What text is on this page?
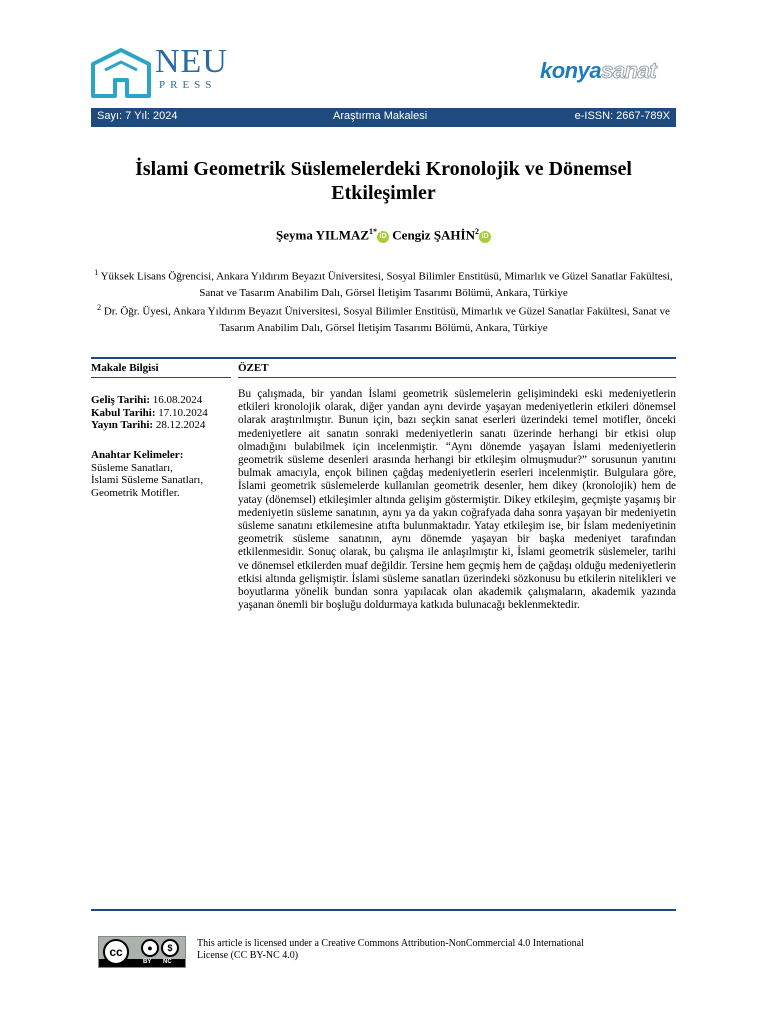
NEU
PRESS
konyasanat
Sayı: 7 Yıl: 2024	Araştırma Makalesi	e-ISSN: 2667-789X
İslami Geometrik Süslemelerdeki Kronolojik ve Dönemsel Etkileşimler
Şeyma $YILMAZ^{1*}iD$ Cengiz ŞAHİN$^2$iD
$^1$ Yüksek Lisans Öğrencisi, Ankara Yıldırım Beyazıt Üniversitesi, Sosyal Bilimler Enstitüsü, Mimarlık ve Güzel Sanatlar Fakültesi, Sanat ve Tasarım Anabilim Dalı, Görsel İletişim Tasarımı Bölümü, Ankara, Türkiye
$^2$ Dr. Öğr. Üyesi, Ankara Yıldırım Beyazıt Üniversitesi, Sosyal Bilimler Enstitüsü, Mimarlık ve Güzel Sanatlar Fakültesi, Sanat ve Tasarım Anabilim Dalı, Görsel İletişim Tasarımı Bölümü, Ankara, Türkiye
Makale Bilgisi	ÖZET
Geliş Tarihi: 16.08.2024
Kabul Tarihi: 17.10.2024
Yayın Tarihi: 28.12.2024
Anahtar Kelimeler:
Süsleme Sanatları,
İslami Süsleme Sanatları,
Geometrik Motifler.
Bu çalışmada, bir yandan İslami geometrik süslemelerin gelişimindeki eski medeniyetlerin etkileri kronolojik olarak, diğer yandan aynı devirde yaşayan medeniyetlerin etkileri dönemsel olarak araştırılmıştır. Bunun için, bazı seçkin sanat eserleri üzerindeki temel motifler, önceki medeniyetlere ait sanatın sonraki medeniyetlerin sanatı üzerinde herhangi bir etkisi olup olmadığını bulabilmek için incelenmiştir. “Aynı dönemde yaşayan İslami medeniyetlerin geometrik süsleme desenleri arasında herhangi bir etkileşim olmuşmudur?” sorusunun yanıtını bulmak amacıyla, ençok bilinen çağdaş medeniyetlerin eserleri incelenmiştir. Bulgulara göre, İslami geometrik süslemelerde kullanılan geometrik desenler, hem dikey (kronolojik) hem de yatay (dönemsel) etkileşimler altında gelişim göstermiştir. Dikey etkileşim, geçmişte yaşamış bir medeniyetin süsleme sanatının, aynı ya da yakın coğrafyada daha sonra yaşayan bir medeniyetin süsleme sanatını etkilemesine atıfta bulunmaktadır. Yatay etkileşim ise, bir İslam medeniyetinin geometrik süsleme sanatının, aynı dönemde yaşayan bir başka medeniyet tarafından etkilenmesidir. Sonuç olarak, bu çalışma ile anlaşılmıştır ki, İslami geometrik süslemeler, tarihi ve dönemsel etkilerden muaf değildir. Tersine hem geçmiş hem de çağdaşı olduğu medeniyetlerin etkisi altında gelişmiştir. İslami süsleme sanatları üzerindeki sözkonusu bu etkilerin nitelikleri ve boyutlarına yönelik bundan sonra yapılacak olan akademik çalışmaların, akademik yazında yaşanan önemli bir boşluğu doldurmaya katkıda bulunacağı beklenmektedir.
cc	●	$
BY NC
This article is licensed under a Creative Commons Attribution-NonCommercial 4.0 International License (CC BY-NC 4.0)
